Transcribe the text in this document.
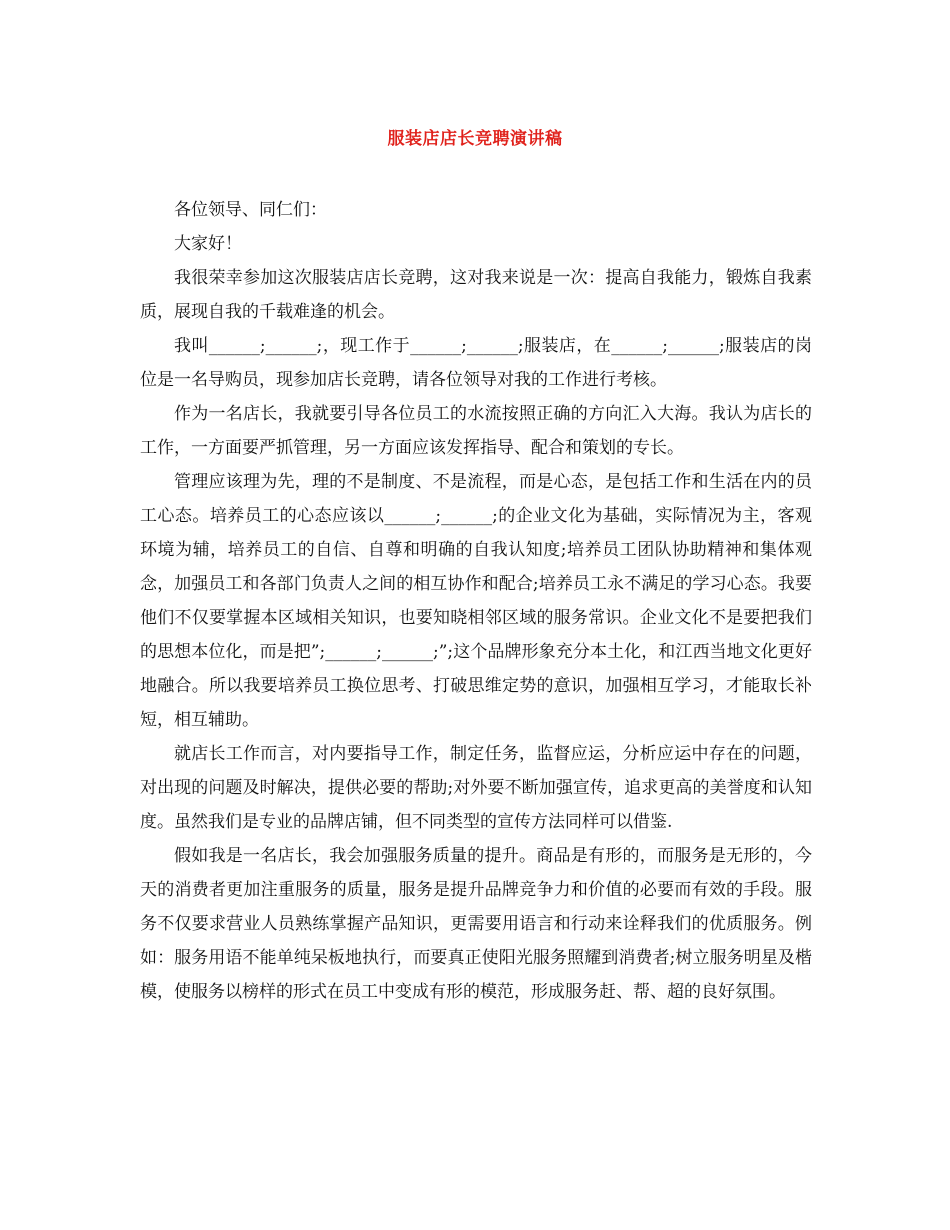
服装店店长竞聘演讲稿

各位领导、同仁们：

大家好！

我很荣幸参加这次服装店店长竞聘，这对我来说是一次：提高自我能力，锻炼自我素质，展现自我的千载难逢的机会。

我叫______;______;，现工作于______;______;服装店，在______;______;服装店的岗位是一名导购员，现参加店长竞聘，请各位领导对我的工作进行考核。

作为一名店长，我就要引导各位员工的水流按照正确的方向汇入大海。我认为店长的工作，一方面要严抓管理，另一方面应该发挥指导、配合和策划的专长。

管理应该理为先，理的不是制度、不是流程，而是心态，是包括工作和生活在内的员工心态。培养员工的心态应该以______;______;的企业文化为基础，实际情况为主，客观环境为辅，培养员工的自信、自尊和明确的自我认知度;培养员工团队协助精神和集体观念，加强员工和各部门负责人之间的相互协作和配合;培养员工永不满足的学习心态。我要他们不仅要掌握本区域相关知识，也要知晓相邻区域的服务常识。企业文化不是要把我们的思想本位化，而是把”;______;______;”;这个品牌形象充分本土化，和江西当地文化更好地融合。所以我要培养员工换位思考、打破思维定势的意识，加强相互学习，才能取长补短，相互辅助。

就店长工作而言，对内要指导工作，制定任务，监督应运，分析应运中存在的问题，对出现的问题及时解决，提供必要的帮助;对外要不断加强宣传，追求更高的美誉度和认知度。虽然我们是专业的品牌店铺，但不同类型的宣传方法同样可以借鉴.

假如我是一名店长，我会加强服务质量的提升。商品是有形的，而服务是无形的，今天的消费者更加注重服务的质量，服务是提升品牌竞争力和价值的必要而有效的手段。服务不仅要求营业人员熟练掌握产品知识，更需要用语言和行动来诠释我们的优质服务。例如：服务用语不能单纯呆板地执行，而要真正使阳光服务照耀到消费者;树立服务明星及楷模，使服务以榜样的形式在员工中变成有形的模范，形成服务赶、帮、超的良好氛围。
